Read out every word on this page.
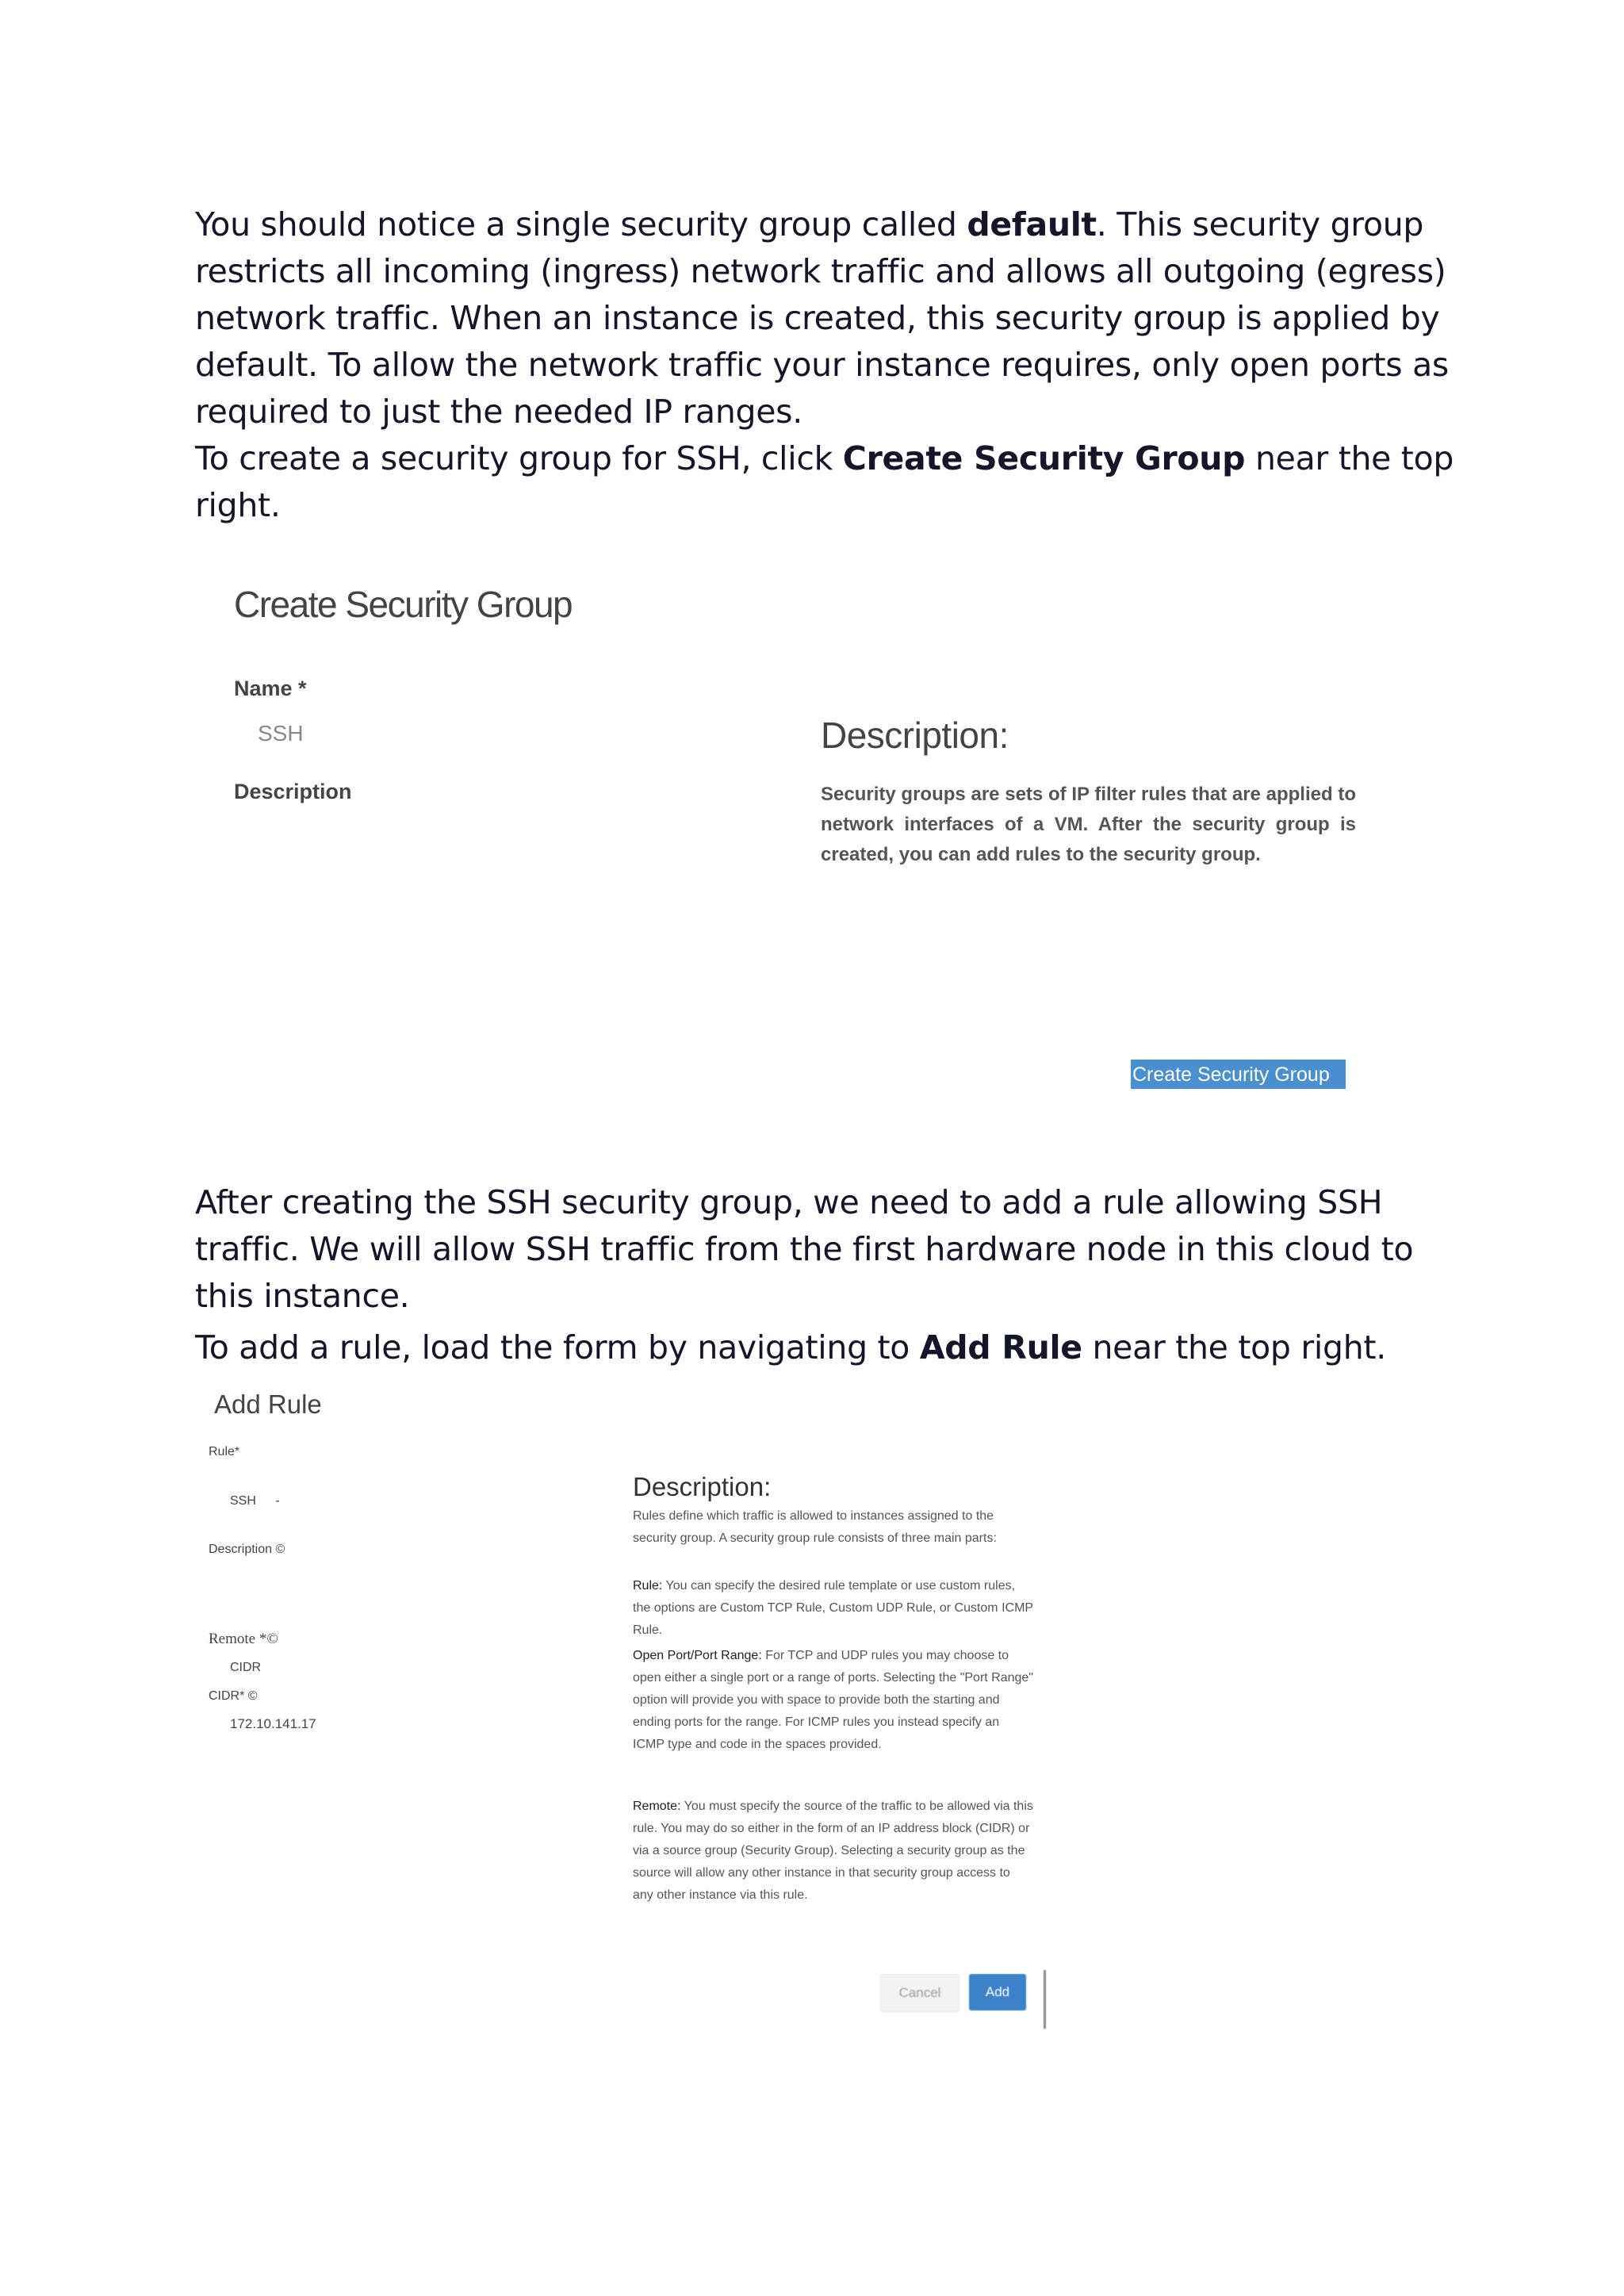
You should notice a single security group called default. This security group restricts all incoming (ingress) network traffic and allows all outgoing (egress) network traffic. When an instance is created, this security group is applied by default. To allow the network traffic your instance requires, only open ports as required to just the needed IP ranges.

To create a security group for SSH, click Create Security Group near the top right.

Create Security Group
Name *
SSH
Description
Description:
Security groups are sets of IP filter rules that are applied to network interfaces of a VM. After the security group is created, you can add rules to the security group.
Create Security Group

After creating the SSH security group, we need to add a rule allowing SSH traffic. We will allow SSH traffic from the first hardware node in this cloud to this instance.

To add a rule, load the form by navigating to Add Rule near the top right.

Add Rule
Rule*
SSH -
Description ©
Remote *©
CIDR
CIDR* ©
172.10.141.17
Description:
Rules define which traffic is allowed to instances assigned to the security group. A security group rule consists of three main parts:
Rule: You can specify the desired rule template or use custom rules, the options are Custom TCP Rule, Custom UDP Rule, or Custom ICMP Rule.
Open Port/Port Range: For TCP and UDP rules you may choose to open either a single port or a range of ports. Selecting the "Port Range" option will provide you with space to provide both the starting and ending ports for the range. For ICMP rules you instead specify an ICMP type and code in the spaces provided.
Remote: You must specify the source of the traffic to be allowed via this rule. You may do so either in the form of an IP address block (CIDR) or via a source group (Security Group). Selecting a security group as the source will allow any other instance in that security group access to any other instance via this rule.
Cancel	Add
